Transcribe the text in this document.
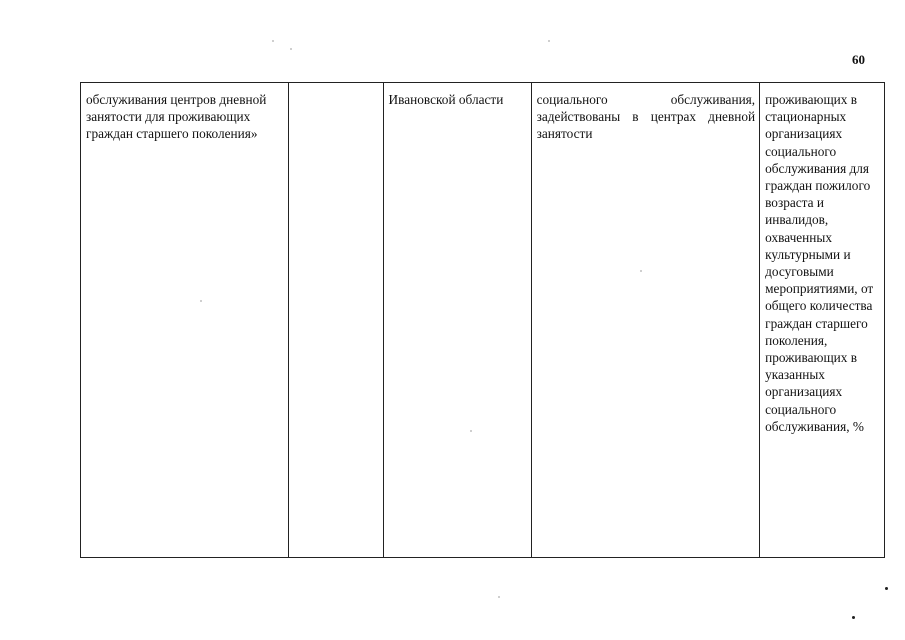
60
обслуживания центров дневной занятости для проживающих граждан старшего поколения»		Ивановской области	социального обслуживания, задействованы в центрах дневной занятости	проживающих в стационарных организациях социального обслуживания для граждан пожилого возраста и инвалидов, охваченных культурными и досуговыми мероприятиями, от общего количества граждан старшего поколения, проживающих в указанных организациях социального обслуживания, %
